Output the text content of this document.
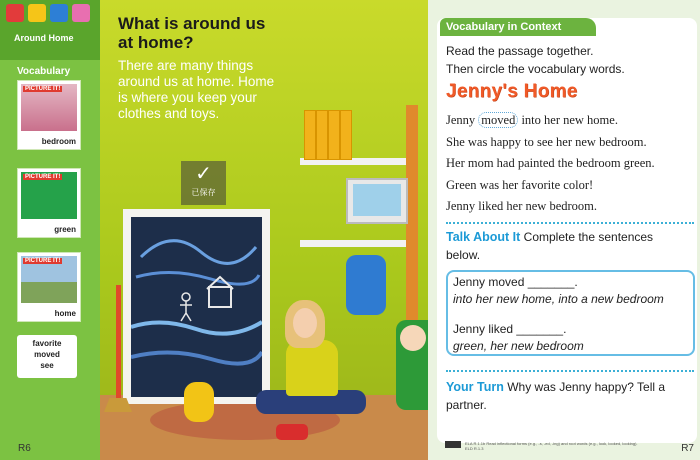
Around Home
Vocabulary
PICTURE IT!
bedroom
PICTURE IT!
green
PICTURE IT!
home
favorite
moved
see
R6
What is around us at home?
There are many things around us at home. Home is where you keep your clothes and toys.
✓
已保存
Vocabulary in Context
Read the passage together.
Then circle the vocabulary words.
Jenny's Home
Jenny moved into her new home.
She was happy to see her new bedroom.
Her mom had painted the bedroom green.
Green was her favorite color!
Jenny liked her new bedroom.
Talk About It Complete the sentences below.
Jenny moved _______.
into her new home, into a new bedroom
Jenny liked _______.
green, her new bedroom
Your Turn Why was Jenny happy? Tell a partner.
ELA R.1.1b Read inflectional forms (e.g., -s, -ed, -ing) and root words (e.g., look, looked, looking). ELD R.1.3	R7
